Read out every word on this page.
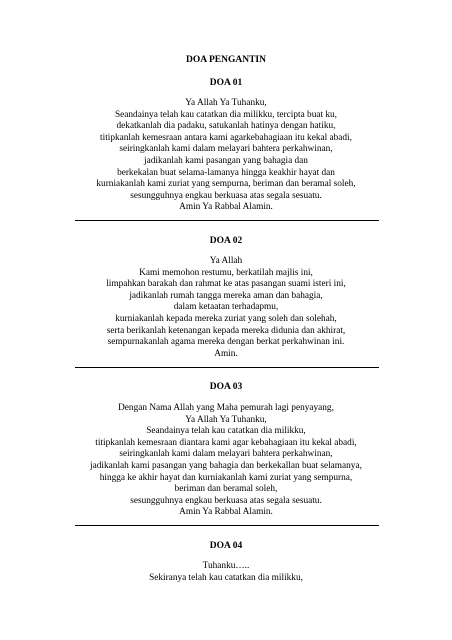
DOA PENGANTIN
DOA 01
Ya Allah Ya Tuhanku,
Seandainya telah kau catatkan dia milikku, tercipta buat ku,
dekatkanlah dia padaku, satukanlah hatinya dengan hatiku,
titipkanlah kemesraan antara kami agarkebahagiaan itu kekal abadi,
seiringkanlah kami dalam melayari bahtera perkahwinan,
jadikanlah kami pasangan yang bahagia dan
berkekalan buat selama-lamanya hingga keakhir hayat dan
kurniakanlah kami zuriat yang sempurna, beriman dan beramal soleh,
sesungguhnya engkau berkuasa atas segala sesuatu.
Amin Ya Rabbal Alamin.
DOA 02
Ya Allah
Kami memohon restumu, berkatilah majlis ini,
limpahkan barakah dan rahmat ke atas pasangan suami isteri ini,
jadikanlah rumah tangga mereka aman dan bahagia,
dalam ketaatan terhadapmu,
kurniakanlah kepada mereka zuriat yang soleh dan solehah,
serta berikanlah ketenangan kepada mereka didunia dan akhirat,
sempurnakanlah agama mereka dengan berkat perkahwinan ini.
Amin.
DOA 03
Dengan Nama Allah yang Maha pemurah lagi penyayang,
Ya Allah Ya Tuhanku,
Seandainya telah kau catatkan dia milikku,
titipkanlah kemesraan diantara kami agar kebahagiaan itu kekal abadi,
seiringkanlah kami dalam melayari bahtera perkahwinan,
jadikanlah kami pasangan yang bahagia dan berkekallan buat selamanya,
hingga ke akhir hayat dan kurniakanlah kami zuriat yang sempurna,
beriman dan beramal soleh,
sesungguhnya engkau berkuasa atas segala sesuatu.
Amin Ya Rabbal Alamin.
DOA 04
Tuhanku…..
Sekiranya telah kau catatkan dia milikku,
